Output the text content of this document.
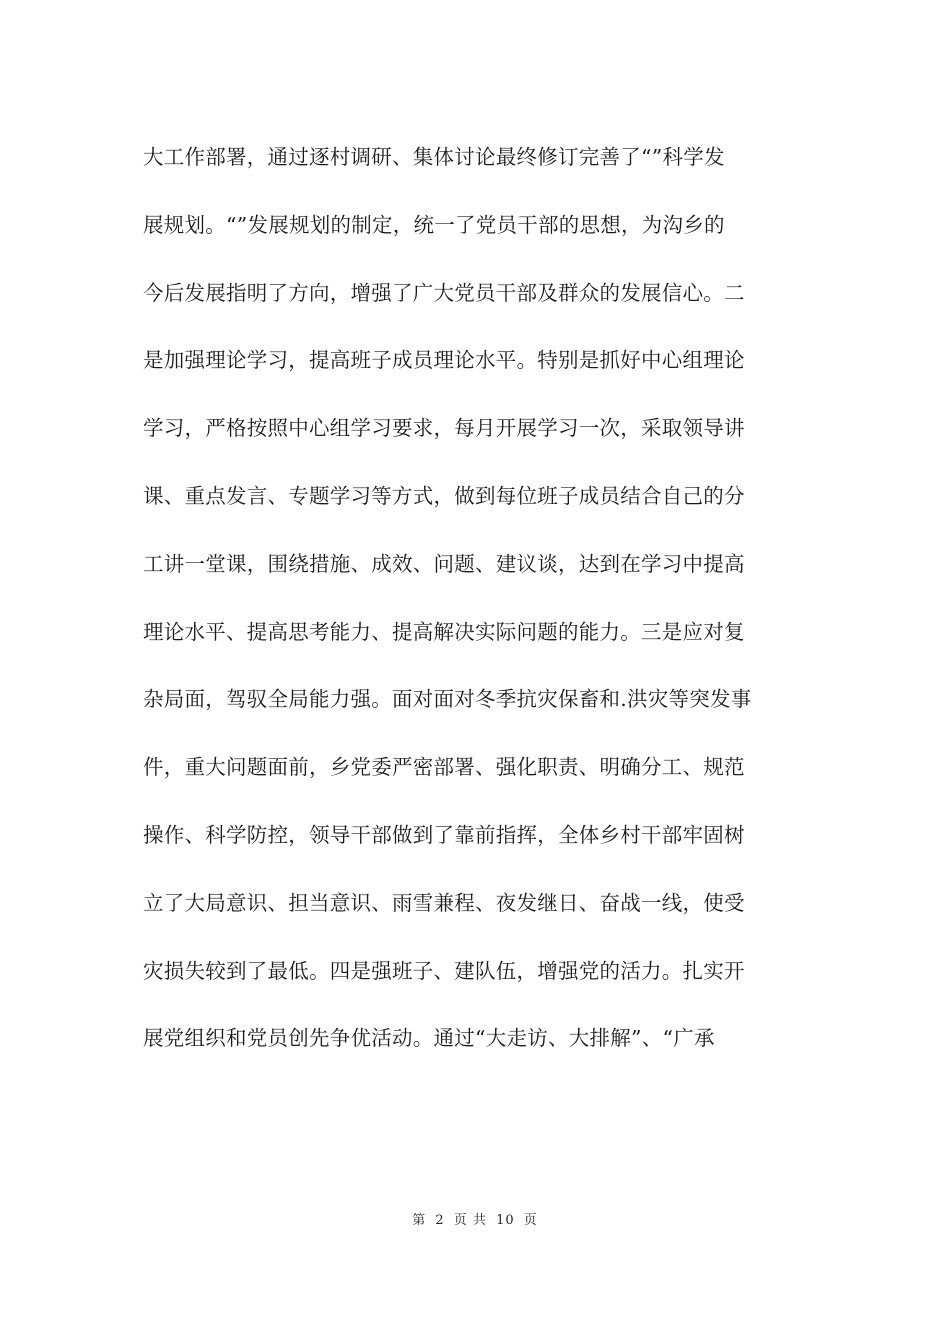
大工作部署，通过逐村调研、集体讨论最终修订完善了“”科学发
展规划。“”发展规划的制定，统一了党员干部的思想，为沟乡的
今后发展指明了方向，增强了广大党员干部及群众的发展信心。二
是加强理论学习，提高班子成员理论水平。特别是抓好中心组理论
学习，严格按照中心组学习要求，每月开展学习一次，采取领导讲
课、重点发言、专题学习等方式，做到每位班子成员结合自己的分
工讲一堂课，围绕措施、成效、问题、建议谈，达到在学习中提高
理论水平、提高思考能力、提高解决实际问题的能力。三是应对复
杂局面，驾驭全局能力强。面对面对冬季抗灾保畜和.洪灾等突发事
件，重大问题面前，乡党委严密部署、强化职责、明确分工、规范
操作、科学防控，领导干部做到了靠前指挥，全体乡村干部牢固树
立了大局意识、担当意识、雨雪兼程、夜发继日、奋战一线，使受
灾损失较到了最低。四是强班子、建队伍，增强党的活力。扎实开
展党组织和党员创先争优活动。通过“大走访、大排解”、“广承
第 2 页 共 10 页
